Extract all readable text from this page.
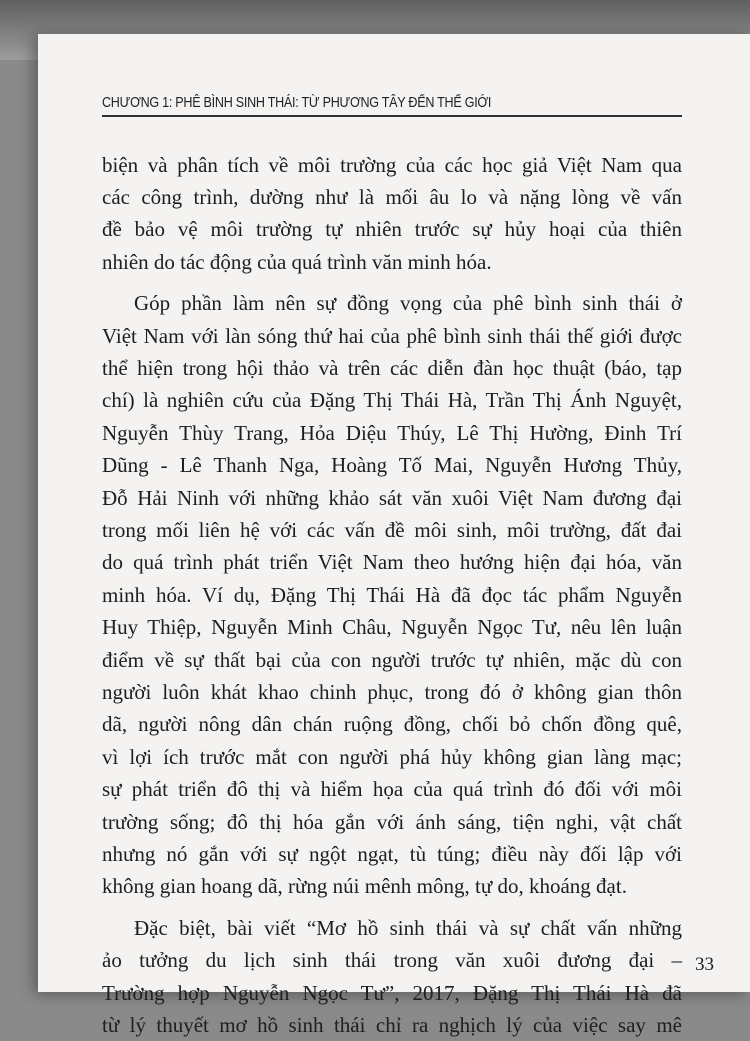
CHƯƠNG 1: PHÊ BÌNH SINH THÁI: TỪ PHƯƠNG TÂY ĐẾN THẾ GIỚI

biện và phân tích về môi trường của các học giả Việt Nam qua
các công trình, dường như là mối âu lo và nặng lòng về vấn
đề bảo vệ môi trường tự nhiên trước sự hủy hoại của thiên
nhiên do tác động của quá trình văn minh hóa.

Góp phần làm nên sự đồng vọng của phê bình sinh thái ở
Việt Nam với làn sóng thứ hai của phê bình sinh thái thế giới được
thể hiện trong hội thảo và trên các diễn đàn học thuật (báo, tạp
chí) là nghiên cứu của Đặng Thị Thái Hà, Trần Thị Ánh Nguyệt,
Nguyễn Thùy Trang, Hỏa Diệu Thúy, Lê Thị Hường, Đinh Trí
Dũng - Lê Thanh Nga, Hoàng Tố Mai, Nguyễn Hương Thủy,
Đỗ Hải Ninh với những khảo sát văn xuôi Việt Nam đương đại
trong mối liên hệ với các vấn đề môi sinh, môi trường, đất đai
do quá trình phát triển Việt Nam theo hướng hiện đại hóa, văn
minh hóa. Ví dụ, Đặng Thị Thái Hà đã đọc tác phẩm Nguyễn
Huy Thiệp, Nguyễn Minh Châu, Nguyễn Ngọc Tư, nêu lên luận
điểm về sự thất bại của con người trước tự nhiên, mặc dù con
người luôn khát khao chinh phục, trong đó ở không gian thôn
dã, người nông dân chán ruộng đồng, chối bỏ chốn đồng quê,
vì lợi ích trước mắt con người phá hủy không gian làng mạc;
sự phát triển đô thị và hiểm họa của quá trình đó đối với môi
trường sống; đô thị hóa gắn với ánh sáng, tiện nghi, vật chất
nhưng nó gắn với sự ngột ngạt, tù túng; điều này đối lập với
không gian hoang dã, rừng núi mênh mông, tự do, khoáng đạt.

Đặc biệt, bài viết “Mơ hồ sinh thái và sự chất vấn những
ảo tưởng du lịch sinh thái trong văn xuôi đương đại –
Trường hợp Nguyễn Ngọc Tư”, 2017, Đặng Thị Thái Hà đã
từ lý thuyết mơ hồ sinh thái chỉ ra nghịch lý của việc say mê

33
